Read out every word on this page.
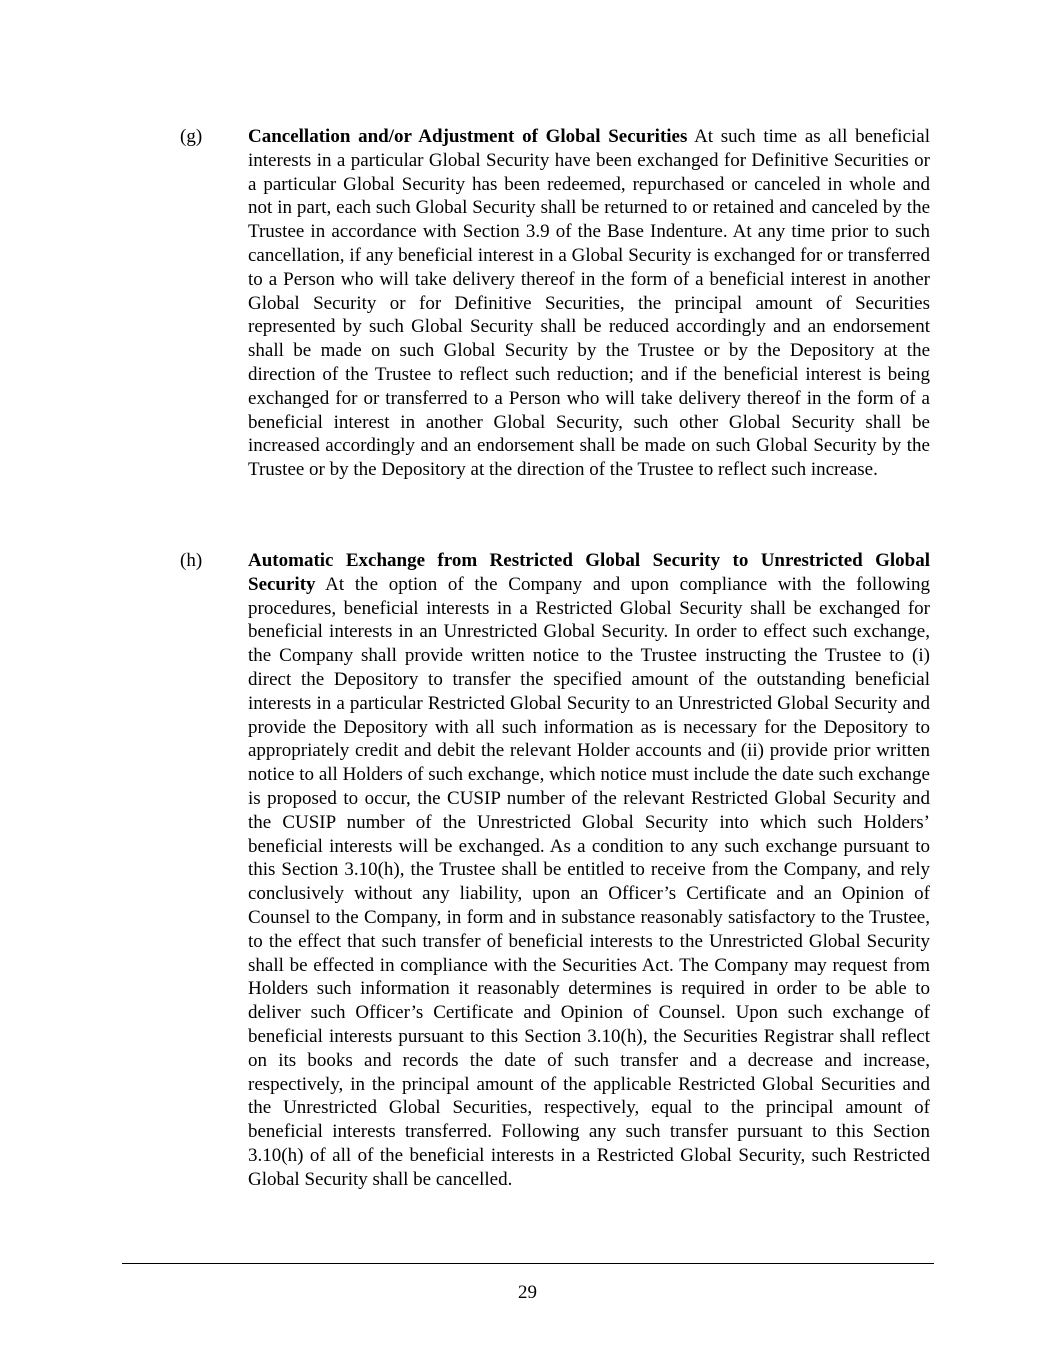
(g) Cancellation and/or Adjustment of Global Securities At such time as all beneficial interests in a particular Global Security have been exchanged for Definitive Securities or a particular Global Security has been redeemed, repurchased or canceled in whole and not in part, each such Global Security shall be returned to or retained and canceled by the Trustee in accordance with Section 3.9 of the Base Indenture. At any time prior to such cancellation, if any beneficial interest in a Global Security is exchanged for or transferred to a Person who will take delivery thereof in the form of a beneficial interest in another Global Security or for Definitive Securities, the principal amount of Securities represented by such Global Security shall be reduced accordingly and an endorsement shall be made on such Global Security by the Trustee or by the Depository at the direction of the Trustee to reflect such reduction; and if the beneficial interest is being exchanged for or transferred to a Person who will take delivery thereof in the form of a beneficial interest in another Global Security, such other Global Security shall be increased accordingly and an endorsement shall be made on such Global Security by the Trustee or by the Depository at the direction of the Trustee to reflect such increase.
(h) Automatic Exchange from Restricted Global Security to Unrestricted Global Security At the option of the Company and upon compliance with the following procedures, beneficial interests in a Restricted Global Security shall be exchanged for beneficial interests in an Unrestricted Global Security. In order to effect such exchange, the Company shall provide written notice to the Trustee instructing the Trustee to (i) direct the Depository to transfer the specified amount of the outstanding beneficial interests in a particular Restricted Global Security to an Unrestricted Global Security and provide the Depository with all such information as is necessary for the Depository to appropriately credit and debit the relevant Holder accounts and (ii) provide prior written notice to all Holders of such exchange, which notice must include the date such exchange is proposed to occur, the CUSIP number of the relevant Restricted Global Security and the CUSIP number of the Unrestricted Global Security into which such Holders’ beneficial interests will be exchanged. As a condition to any such exchange pursuant to this Section 3.10(h), the Trustee shall be entitled to receive from the Company, and rely conclusively without any liability, upon an Officer’s Certificate and an Opinion of Counsel to the Company, in form and in substance reasonably satisfactory to the Trustee, to the effect that such transfer of beneficial interests to the Unrestricted Global Security shall be effected in compliance with the Securities Act. The Company may request from Holders such information it reasonably determines is required in order to be able to deliver such Officer’s Certificate and Opinion of Counsel. Upon such exchange of beneficial interests pursuant to this Section 3.10(h), the Securities Registrar shall reflect on its books and records the date of such transfer and a decrease and increase, respectively, in the principal amount of the applicable Restricted Global Securities and the Unrestricted Global Securities, respectively, equal to the principal amount of beneficial interests transferred. Following any such transfer pursuant to this Section 3.10(h) of all of the beneficial interests in a Restricted Global Security, such Restricted Global Security shall be cancelled.
29
